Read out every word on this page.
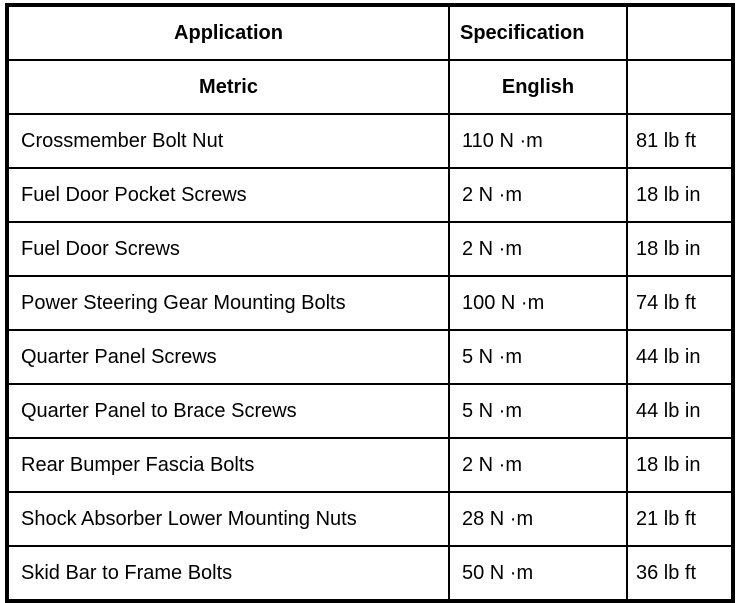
Application	Specification	
Metric	English	
Crossmember Bolt Nut	110 N ·m	81 lb ft
Fuel Door Pocket Screws	2 N ·m	18 lb in
Fuel Door Screws	2 N ·m	18 lb in
Power Steering Gear Mounting Bolts	100 N ·m	74 lb ft
Quarter Panel Screws	5 N ·m	44 lb in
Quarter Panel to Brace Screws	5 N ·m	44 lb in
Rear Bumper Fascia Bolts	2 N ·m	18 lb in
Shock Absorber Lower Mounting Nuts	28 N ·m	21 lb ft
Skid Bar to Frame Bolts	50 N ·m	36 lb ft
